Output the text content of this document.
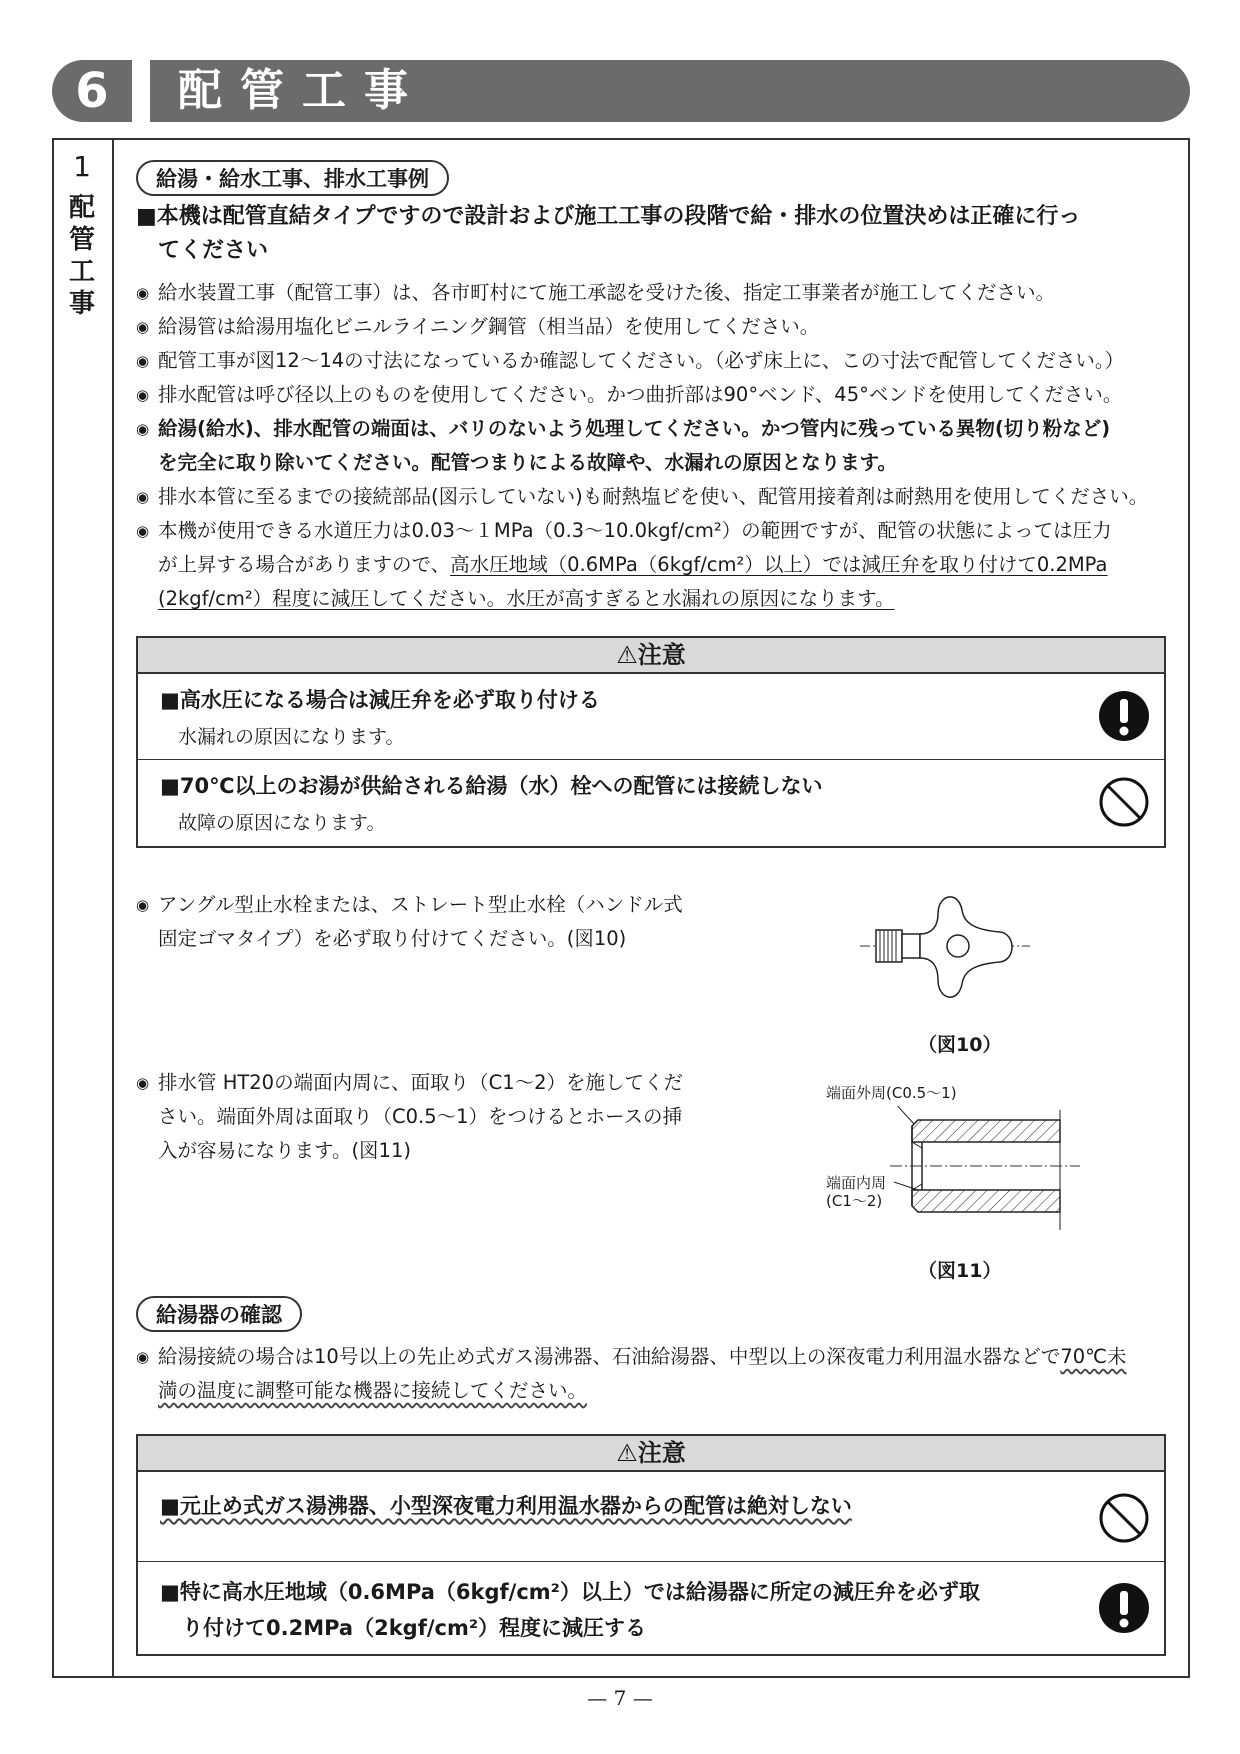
6	配管工事
1
配
管
工
事
給湯・給水工事、排水工事例
■本機は配管直結タイプですので設計および施工工事の段階で給・排水の位置決めは正確に行っ
てください
◉ 給水装置工事（配管工事）は、各市町村にて施工承認を受けた後、指定工事業者が施工してください。
◉ 給湯管は給湯用塩化ビニルライニング鋼管（相当品）を使用してください。
◉ 配管工事が図12～14の寸法になっているか確認してください。（必ず床上に、この寸法で配管してください。）
◉ 排水配管は呼び径以上のものを使用してください。かつ曲折部は90°ベンド、45°ベンドを使用してください。
◉ 給湯(給水)、排水配管の端面は、バリのないよう処理してください。かつ管内に残っている異物(切り粉など)
を完全に取り除いてください。配管つまりによる故障や、水漏れの原因となります。
◉ 排水本管に至るまでの接続部品(図示していない)も耐熱塩ビを使い、配管用接着剤は耐熱用を使用してください。
◉ 本機が使用できる水道圧力は0.03～１MPa（0.3～10.0kgf/cm²）の範囲ですが、配管の状態によっては圧力
が上昇する場合がありますので、高水圧地域（0.6MPa（6kgf/cm²）以上）では減圧弁を取り付けて0.2MPa
(2kgf/cm²）程度に減圧してください。水圧が高すぎると水漏れの原因になります。
⚠注意
■高水圧になる場合は減圧弁を必ず取り付ける
水漏れの原因になります。
■70℃以上のお湯が供給される給湯（水）栓への配管には接続しない
故障の原因になります。
◉ アングル型止水栓または、ストレート型止水栓（ハンドル式
固定ゴマタイプ）を必ず取り付けてください。(図10)
（図10）
◉ 排水管 HT20の端面内周に、面取り（C1～2）を施してくだ
さい。端面外周は面取り（C0.5～1）をつけるとホースの挿
入が容易になります。(図11)
端面外周(C0.5～1)
端面内周
(C1～2)
（図11）
給湯器の確認
◉ 給湯接続の場合は10号以上の先止め式ガス湯沸器、石油給湯器、中型以上の深夜電力利用温水器などで70℃未
満の温度に調整可能な機器に接続してください。
⚠注意
■元止め式ガス湯沸器、小型深夜電力利用温水器からの配管は絶対しない
■特に高水圧地域（0.6MPa（6kgf/cm²）以上）では給湯器に所定の減圧弁を必ず取
り付けて0.2MPa（2kgf/cm²）程度に減圧する
— 7 —
